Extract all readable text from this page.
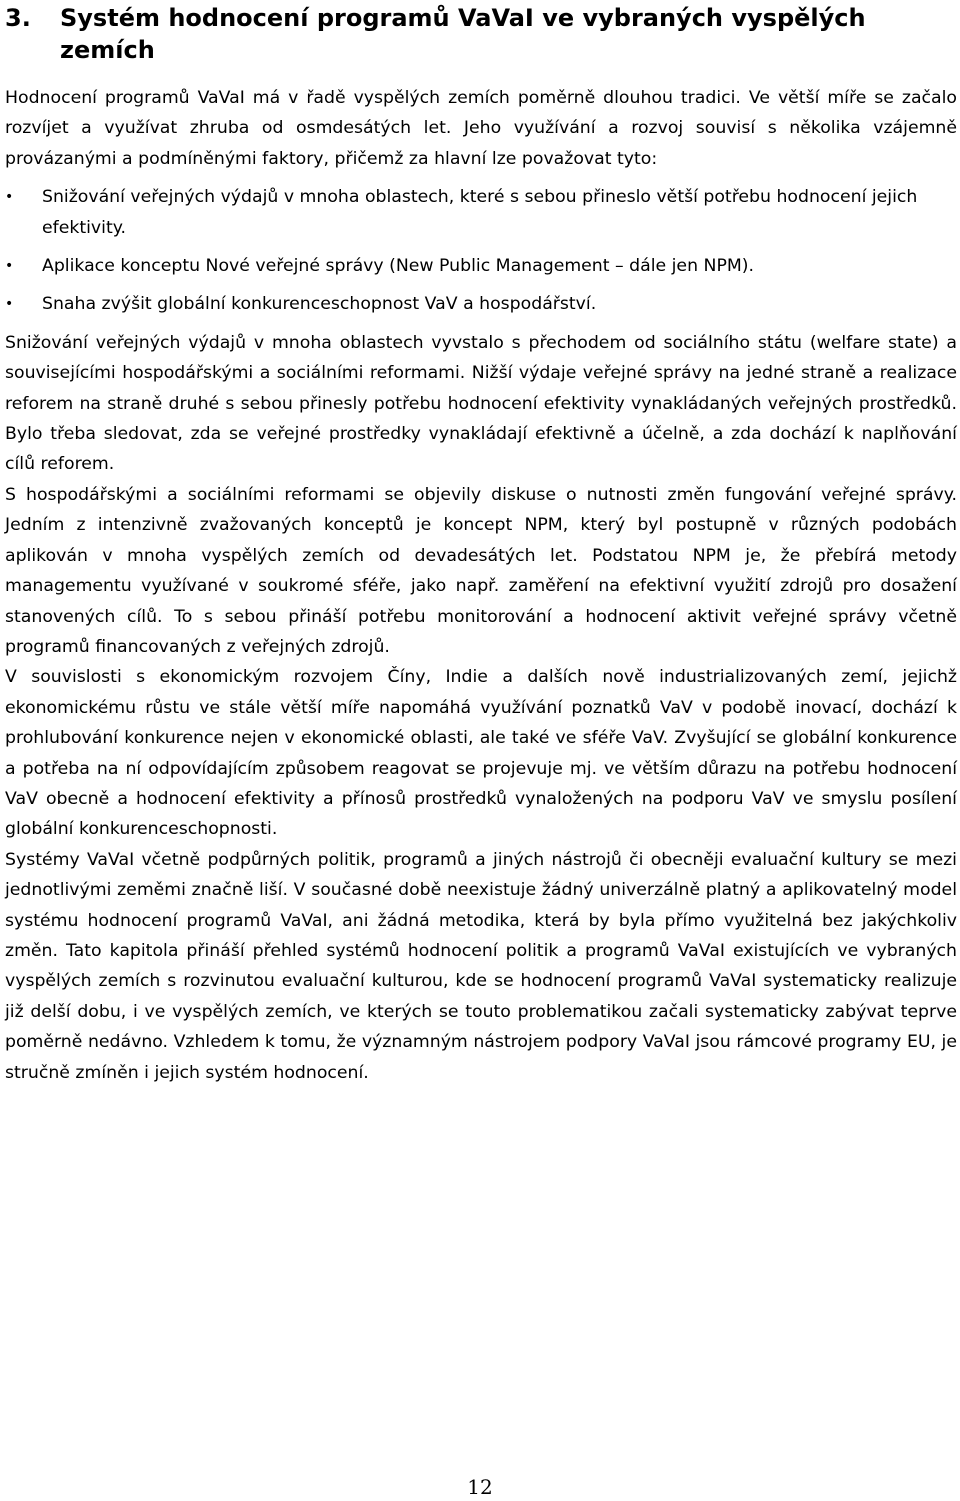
3.	Systém hodnocení programů VaVaI ve vybraných vyspělých zemích

Hodnocení programů VaVaI má v řadě vyspělých zemích poměrně dlouhou tradici. Ve větší míře se začalo rozvíjet a využívat zhruba od osmdesátých let. Jeho využívání a rozvoj souvisí s několika vzájemně provázanými a podmíněnými faktory, přičemž za hlavní lze považovat tyto:

• Snižování veřejných výdajů v mnoha oblastech, které s sebou přineslo větší potřebu hodnocení jejich efektivity.
• Aplikace konceptu Nové veřejné správy (New Public Management – dále jen NPM).
• Snaha zvýšit globální konkurenceschopnost VaV a hospodářství.

Snižování veřejných výdajů v mnoha oblastech vyvstalo s přechodem od sociálního státu (welfare state) a souvisejícími hospodářskými a sociálními reformami. Nižší výdaje veřejné správy na jedné straně a realizace reforem na straně druhé s sebou přinesly potřebu hodnocení efektivity vynakládaných veřejných prostředků. Bylo třeba sledovat, zda se veřejné prostředky vynakládají efektivně a účelně, a zda dochází k naplňování cílů reforem.

S hospodářskými a sociálními reformami se objevily diskuse o nutnosti změn fungování veřejné správy. Jedním z intenzivně zvažovaných konceptů je koncept NPM, který byl postupně v různých podobách aplikován v mnoha vyspělých zemích od devadesátých let. Podstatou NPM je, že přebírá metody managementu využívané v soukromé sféře, jako např. zaměření na efektivní využití zdrojů pro dosažení stanovených cílů. To s sebou přináší potřebu monitorování a hodnocení aktivit veřejné správy včetně programů financovaných z veřejných zdrojů.

V souvislosti s ekonomickým rozvojem Číny, Indie a dalších nově industrializovaných zemí, jejichž ekonomickému růstu ve stále větší míře napomáhá využívání poznatků VaV v podobě inovací, dochází k prohlubování konkurence nejen v ekonomické oblasti, ale také ve sféře VaV. Zvyšující se globální konkurence a potřeba na ní odpovídajícím způsobem reagovat se projevuje mj. ve větším důrazu na potřebu hodnocení VaV obecně a hodnocení efektivity a přínosů prostředků vynaložených na podporu VaV ve smyslu posílení globální konkurenceschopnosti.

Systémy VaVaI včetně podpůrných politik, programů a jiných nástrojů či obecněji evaluační kultury se mezi jednotlivými zeměmi značně liší. V současné době neexistuje žádný univerzálně platný a aplikovatelný model systému hodnocení programů VaVaI, ani žádná metodika, která by byla přímo využitelná bez jakýchkoliv změn. Tato kapitola přináší přehled systémů hodnocení politik a programů VaVaI existujících ve vybraných vyspělých zemích s rozvinutou evaluační kulturou, kde se hodnocení programů VaVaI systematicky realizuje již delší dobu, i ve vyspělých zemích, ve kterých se touto problematikou začali systematicky zabývat teprve poměrně nedávno. Vzhledem k tomu, že významným nástrojem podpory VaVaI jsou rámcové programy EU, je stručně zmíněn i jejich systém hodnocení.

12
